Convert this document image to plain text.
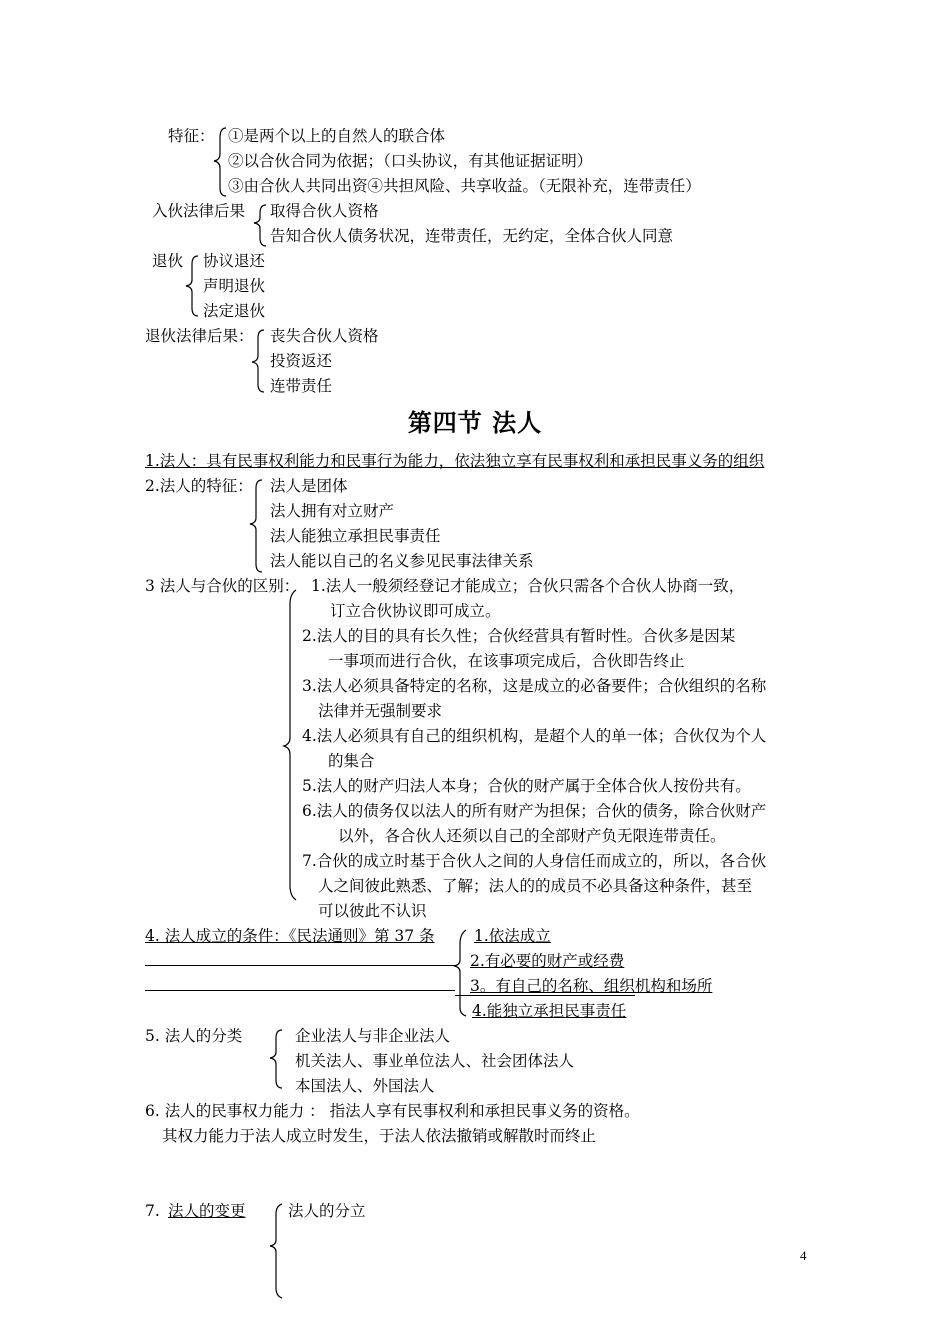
特征： ①是两个以上的自然人的联合体
②以合伙合同为依据；（口头协议，有其他证据证明）
③由合伙人共同出资④共担风险、共享收益。（无限补充，连带责任）
入伙法律后果 取得合伙人资格
告知合伙人债务状况，连带责任，无约定，全体合伙人同意
退伙 协议退还
声明退伙
法定退伙
退伙法律后果： 丧失合伙人资格
投资返还
连带责任
第四节 法人
1.法人：具有民事权利能力和民事行为能力，依法独立享有民事权利和承担民事义务的组织
2.法人的特征： 法人是团体
法人拥有对立财产
法人能独立承担民事责任
法人能以自己的名义参见民事法律关系
3 法人与合伙的区别： 1.法人一般须经登记才能成立；合伙只需各个合伙人协商一致，
订立合伙协议即可成立。
2.法人的目的具有长久性；合伙经营具有暂时性。合伙多是因某
一事项而进行合伙，在该事项完成后，合伙即告终止
3.法人必须具备特定的名称，这是成立的必备要件；合伙组织的名称
法律并无强制要求
4.法人必须具有自己的组织机构，是超个人的单一体；合伙仅为个人
的集合
5.法人的财产归法人本身；合伙的财产属于全体合伙人按份共有。
6.法人的债务仅以法人的所有财产为担保；合伙的债务，除合伙财产
以外，各合伙人还须以自己的全部财产负无限连带责任。
7.合伙的成立时基于合伙人之间的人身信任而成立的，所以，各合伙
人之间彼此熟悉、了解；法人的的成员不必具备这种条件，甚至
可以彼此不认识
4. 法人成立的条件：《民法通则》第 37 条	1.依法成立
2.有必要的财产或经费
3。有自己的名称、组织机构和场所
4.能独立承担民事责任
5. 法人的分类	企业法人与非企业法人
机关法人、事业单位法人、社会团体法人
本国法人、外国法人
6. 法人的民事权力能力 ： 指法人享有民事权利和承担民事义务的资格。
其权力能力于法人成立时发生，于法人依法撤销或解散时而终止
7. 法人的变更	法人的分立
4
